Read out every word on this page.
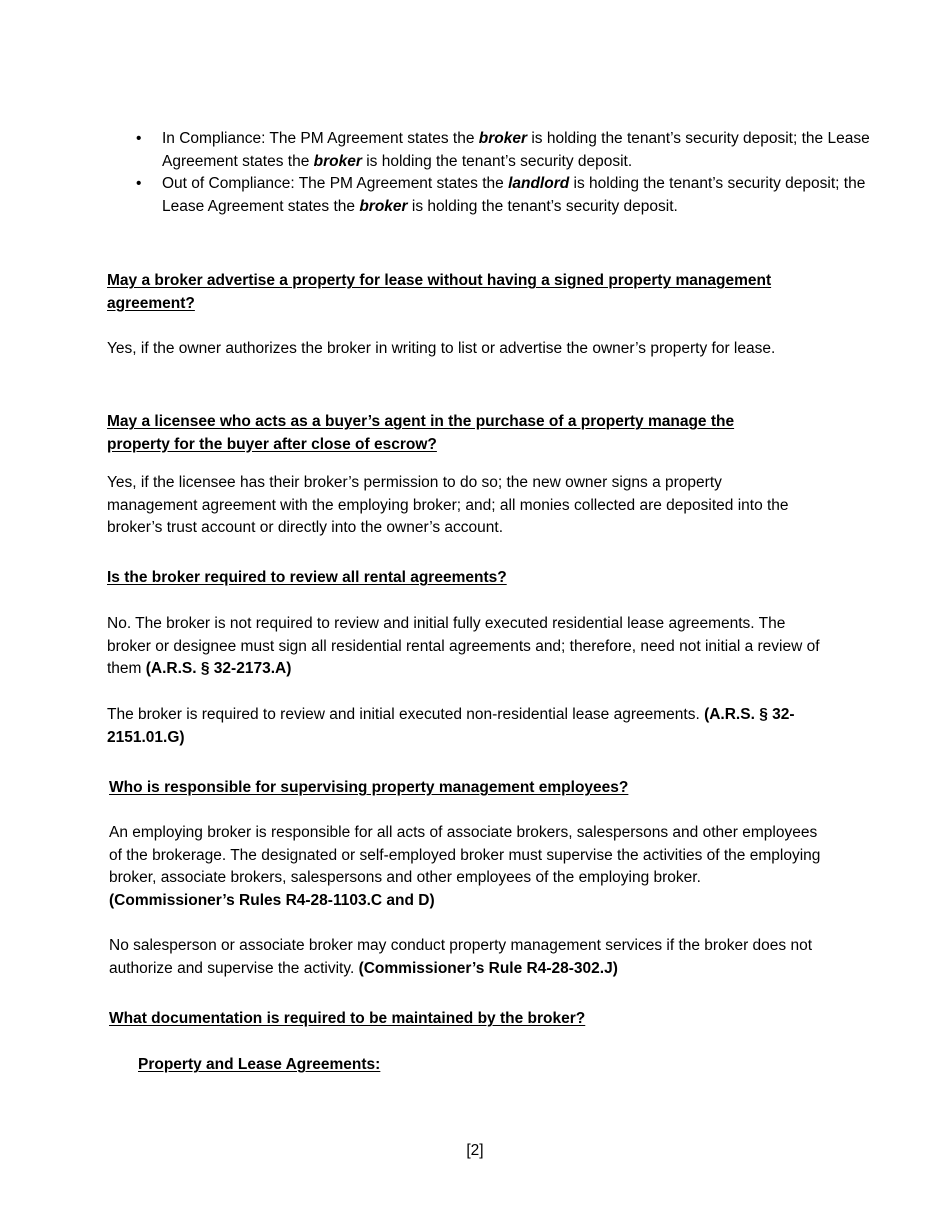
• In Compliance: The PM Agreement states the broker is holding the tenant’s security deposit; the Lease Agreement states the broker is holding the tenant’s security deposit.
• Out of Compliance: The PM Agreement states the landlord is holding the tenant’s security deposit; the Lease Agreement states the broker is holding the tenant’s security deposit.

May a broker advertise a property for lease without having a signed property management agreement?

Yes, if the owner authorizes the broker in writing to list or advertise the owner’s property for lease.

May a licensee who acts as a buyer’s agent in the purchase of a property manage the property for the buyer after close of escrow?

Yes, if the licensee has their broker’s permission to do so; the new owner signs a property management agreement with the employing broker; and; all monies collected are deposited into the broker’s trust account or directly into the owner’s account.

Is the broker required to review all rental agreements?

No. The broker is not required to review and initial fully executed residential lease agreements. The broker or designee must sign all residential rental agreements and; therefore, need not initial a review of them (A.R.S. § 32-2173.A)

The broker is required to review and initial executed non-residential lease agreements. (A.R.S. § 32-2151.01.G)

Who is responsible for supervising property management employees?

An employing broker is responsible for all acts of associate brokers, salespersons and other employees of the brokerage. The designated or self-employed broker must supervise the activities of the employing broker, associate brokers, salespersons and other employees of the employing broker. (Commissioner’s Rules R4-28-1103.C and D)

No salesperson or associate broker may conduct property management services if the broker does not authorize and supervise the activity. (Commissioner’s Rule R4-28-302.J)

What documentation is required to be maintained by the broker?

Property and Lease Agreements:

[2]
